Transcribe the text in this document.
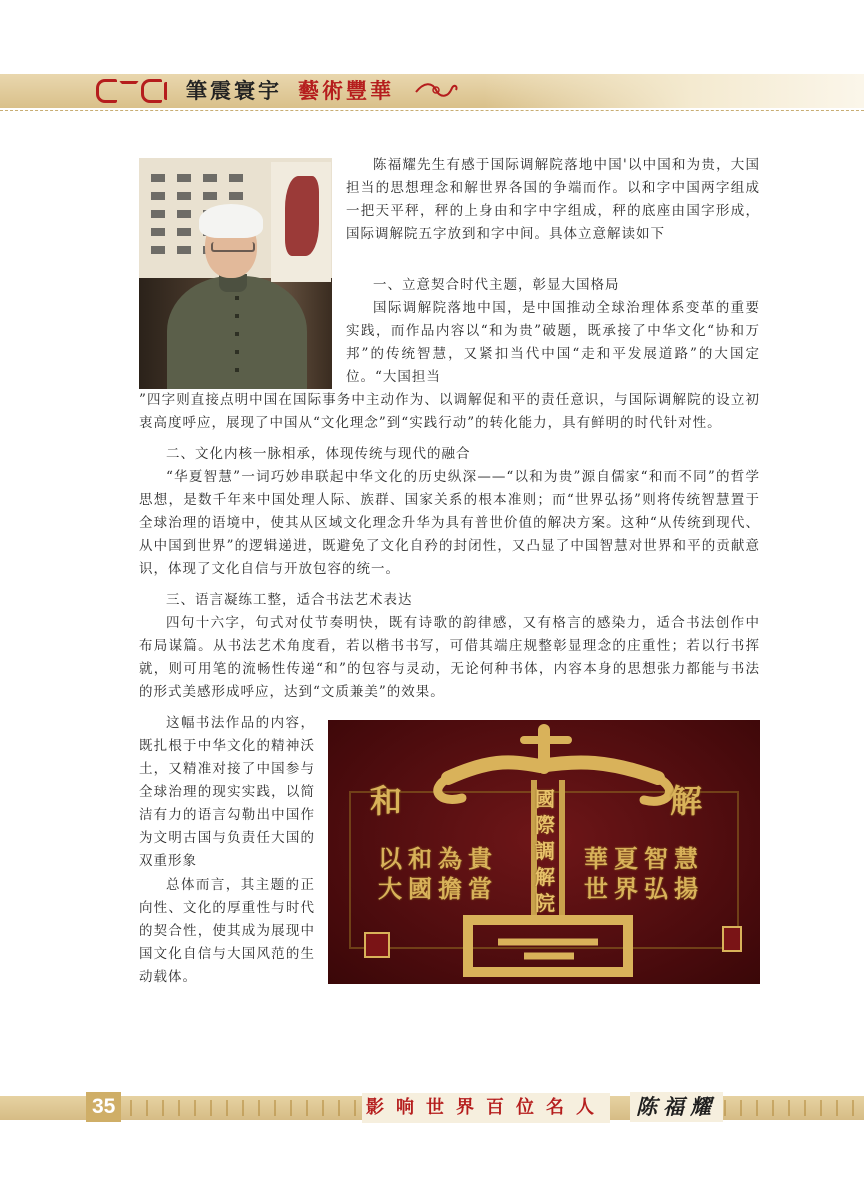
筆震寰宇 藝術豐華

陈福耀先生有感于国际调解院落地中国'以中国和为贵，大国担当的思想理念和解世界各国的争端而作。以和字中国两字组成一把天平秤，秤的上身由和字中字组成，秤的底座由国字形成，国际调解院五字放到和字中间。具体立意解读如下

一、立意契合时代主题，彰显大国格局

国际调解院落地中国，是中国推动全球治理体系变革的重要实践，而作品内容以“和为贵”破题，既承接了中华文化“协和万邦”的传统智慧，又紧扣当代中国“走和平发展道路”的大国定位。“大国担当

”四字则直接点明中国在国际事务中主动作为、以调解促和平的责任意识，与国际调解院的设立初衷高度呼应，展现了中国从“文化理念”到“实践行动”的转化能力，具有鲜明的时代针对性。

二、文化内核一脉相承，体现传统与现代的融合

“华夏智慧”一词巧妙串联起中华文化的历史纵深——“以和为贵”源自儒家“和而不同”的哲学思想，是数千年来中国处理人际、族群、国家关系的根本准则；而“世界弘扬”则将传统智慧置于全球治理的语境中，使其从区域文化理念升华为具有普世价值的解决方案。这种“从传统到现代、从中国到世界”的逻辑递进，既避免了文化自矜的封闭性，又凸显了中国智慧对世界和平的贡献意识，体现了文化自信与开放包容的统一。

三、语言凝练工整，适合书法艺术表达

四句十六字，句式对仗节奏明快，既有诗歌的韵律感，又有格言的感染力，适合书法创作中布局谋篇。从书法艺术角度看，若以楷书书写，可借其端庄规整彰显理念的庄重性；若以行书挥就，则可用笔的流畅性传递“和”的包容与灵动，无论何种书体，内容本身的思想张力都能与书法的形式美感形成呼应，达到“文质兼美”的效果。

这幅书法作品的内容，既扎根于中华文化的精神沃土，又精准对接了中国参与全球治理的现实实践，以简洁有力的语言勾勒出中国作为文明古国与负责任大国的双重形象

总体而言，其主题的正向性、文化的厚重性与时代的契合性，使其成为展现中国文化自信与大国风范的生动载体。

和	解
國際調解院
以和為貴
大國擔當
華夏智慧
世界弘揚
35	影响世界百位名人 陈福耀
